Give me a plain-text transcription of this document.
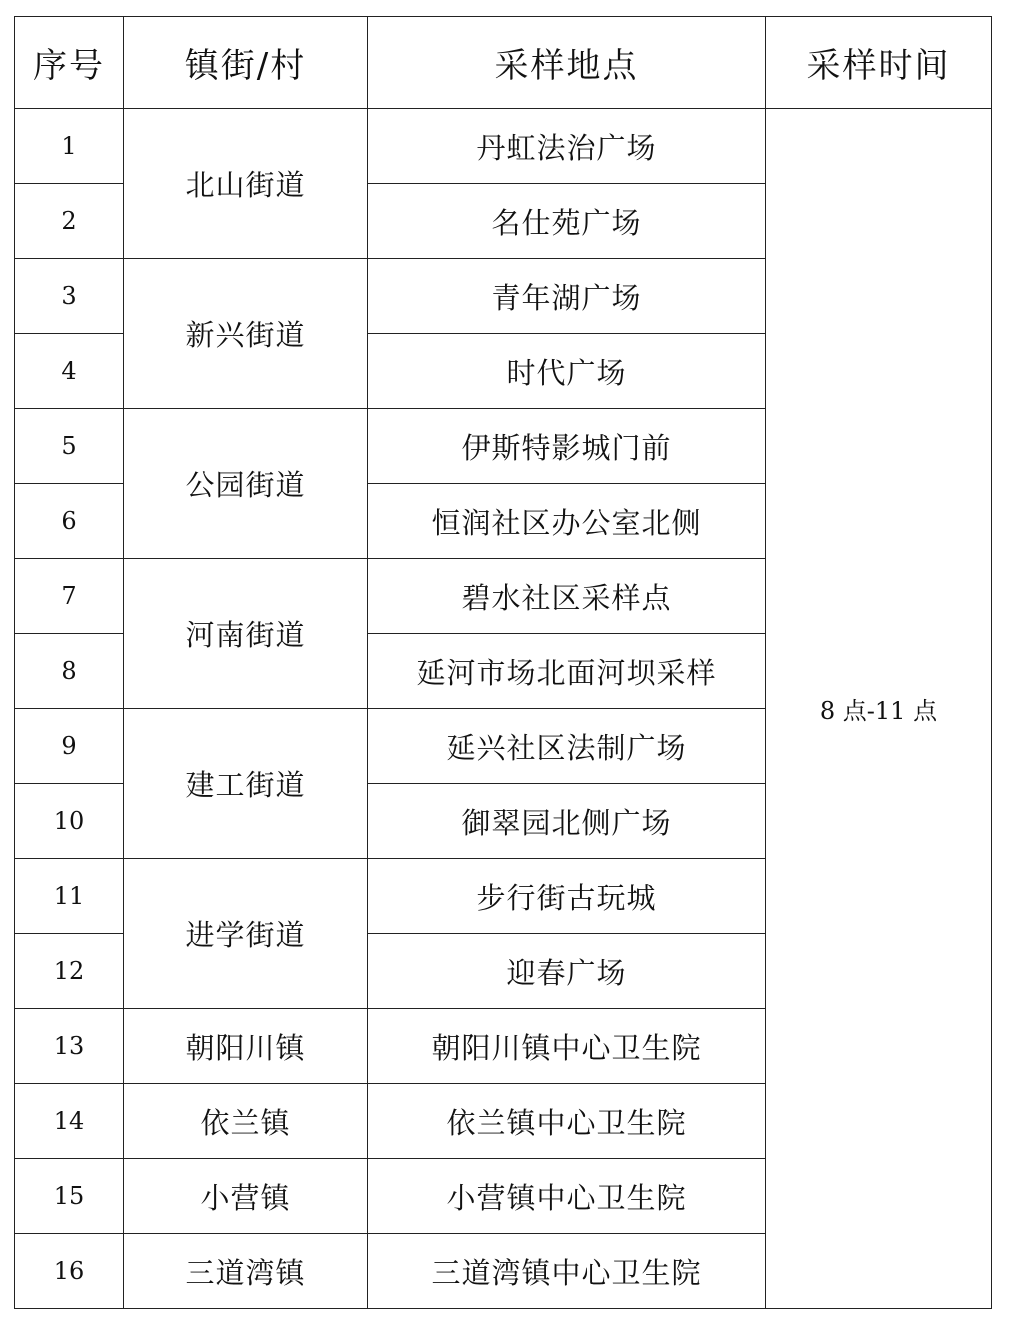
序号	镇街/村	采样地点	采样时间
1	北山街道	丹虹法治广场	8 点-11 点
2		名仕苑广场	
3	新兴街道	青年湖广场	
4		时代广场	
5	公园街道	伊斯特影城门前	
6		恒润社区办公室北侧	
7	河南街道	碧水社区采样点	
8		延河市场北面河坝采样	
9	建工街道	延兴社区法制广场	
10		御翠园北侧广场	
11	进学街道	步行街古玩城	
12		迎春广场	
13	朝阳川镇	朝阳川镇中心卫生院	
14	依兰镇	依兰镇中心卫生院	
15	小营镇	小营镇中心卫生院	
16	三道湾镇	三道湾镇中心卫生院	
